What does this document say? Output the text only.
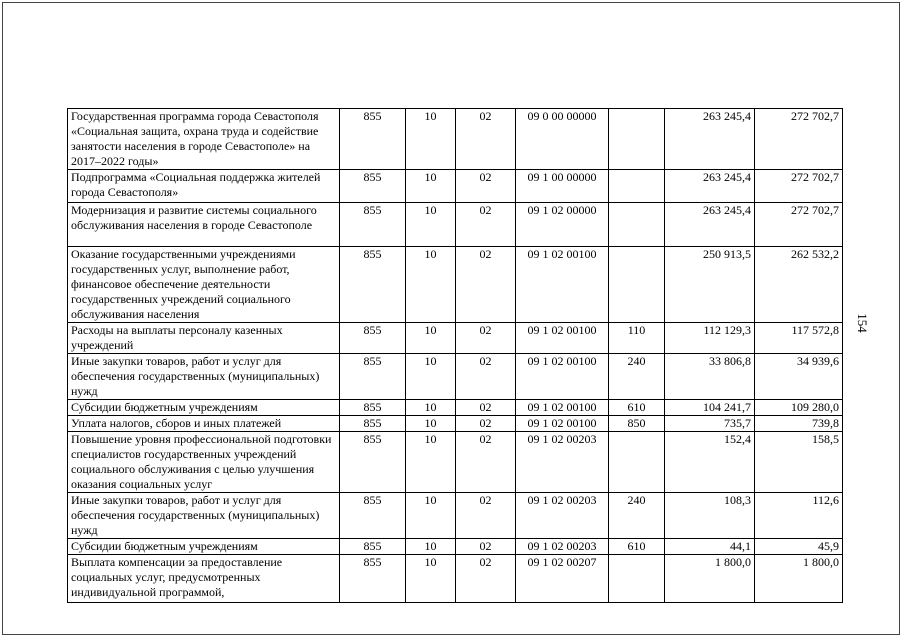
Государственная программа города Севастополя «Социальная защита, охрана труда и содействие занятости населения в городе Севастополе» на 2017–2022 годы»	855	10	02	09 0 00 00000		263 245,4	272 702,7
Подпрограмма «Социальная поддержка жителей города Севастополя»	855	10	02	09 1 00 00000		263 245,4	272 702,7
Модернизация и развитие системы социального обслуживания населения в городе Севастополе	855	10	02	09 1 02 00000		263 245,4	272 702,7
Оказание государственными учреждениями государственных услуг, выполнение работ, финансовое обеспечение деятельности государственных учреждений социального обслуживания населения	855	10	02	09 1 02 00100		250 913,5	262 532,2
Расходы на выплаты персоналу казенных учреждений	855	10	02	09 1 02 00100	110	112 129,3	117 572,8
Иные закупки товаров, работ и услуг для обеспечения государственных (муниципальных) нужд	855	10	02	09 1 02 00100	240	33 806,8	34 939,6
Субсидии бюджетным учреждениям	855	10	02	09 1 02 00100	610	104 241,7	109 280,0
Уплата налогов, сборов и иных платежей	855	10	02	09 1 02 00100	850	735,7	739,8
Повышение уровня профессиональной подготовки специалистов государственных учреждений социального обслуживания с целью улучшения оказания социальных услуг	855	10	02	09 1 02 00203		152,4	158,5
Иные закупки товаров, работ и услуг для обеспечения государственных (муниципальных) нужд	855	10	02	09 1 02 00203	240	108,3	112,6
Субсидии бюджетным учреждениям	855	10	02	09 1 02 00203	610	44,1	45,9
Выплата компенсации за предоставление социальных услуг, предусмотренных индивидуальной программой,	855	10	02	09 1 02 00207		1 800,0	1 800,0
154
